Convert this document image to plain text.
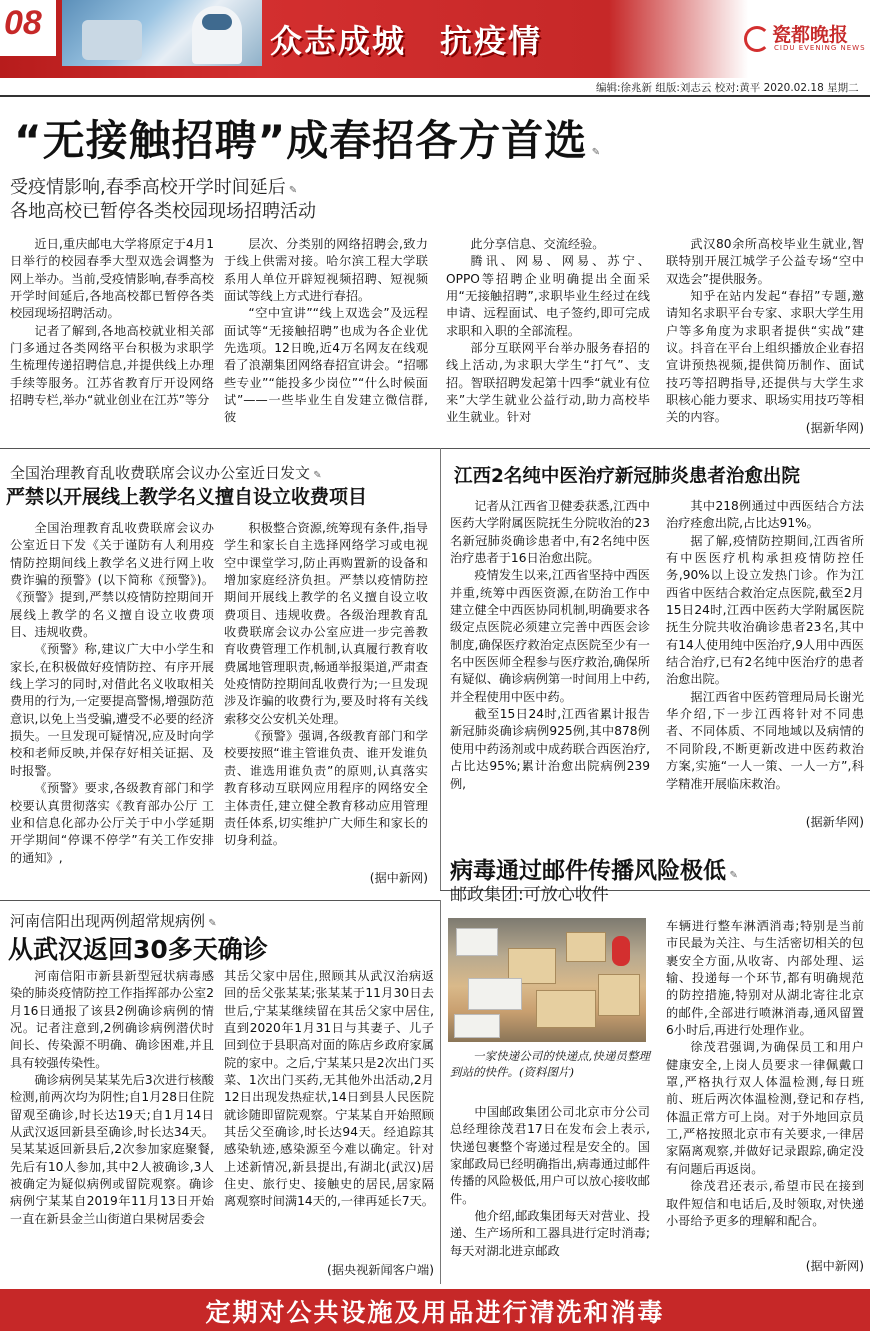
08	众志成城　抗疫情	瓷都晚报
CIDU EVENING NEWS
编辑:徐兆新 组版:刘志云 校对:黄平 2020.02.18 星期二
“无接触招聘”成春招各方首选 ✎
受疫情影响,春季高校开学时间延后 ✎
各地高校已暂停各类校园现场招聘活动

近日,重庆邮电大学将原定于4月1日举行的校园春季大型双选会调整为网上举办。当前,受疫情影响,春季高校开学时间延后,各地高校都已暂停各类校园现场招聘活动。

记者了解到,各地高校就业相关部门多通过各类网络平台积极为求职学生梳理传递招聘信息,并提供线上办理手续等服务。江苏省教育厅开设网络招聘专栏,举办“就业创业在江苏”等分

层次、分类别的网络招聘会,致力于线上供需对接。哈尔滨工程大学联系用人单位开辟短视频招聘、短视频面试等线上方式进行春招。

“空中宣讲”“线上双选会”及远程面试等“无接触招聘”也成为各企业优先选项。12日晚,近4万名网友在线观看了浪潮集团网络春招宣讲会。“招哪些专业”“能投多少岗位”“什么时候面试”——一些毕业生自发建立微信群,彼

此分享信息、交流经验。

腾讯、网易、网易、苏宁、OPPO等招聘企业明确提出全面采用“无接触招聘”,求职毕业生经过在线申请、远程面试、电子签约,即可完成求职和入职的全部流程。

部分互联网平台举办服务春招的线上活动,为求职大学生“打气”、支招。智联招聘发起第十四季“就业有位来”大学生就业公益行动,助力高校毕业生就业。针对

武汉80余所高校毕业生就业,智联特别开展江城学子公益专场“空中双选会”提供服务。

知乎在站内发起“春招”专题,邀请知名求职平台专家、求职大学生用户等多角度为求职者提供“实战”建议。抖音在平台上组织播放企业春招宣讲预热视频,提供简历制作、面试技巧等招聘指导,还提供与大学生求职核心能力要求、职场实用技巧等相关的内容。

(据新华网)
全国治理教育乱收费联席会议办公室近日发文 ✎
严禁以开展线上教学名义擅自设立收费项目

全国治理教育乱收费联席会议办公室近日下发《关于谨防有人利用疫情防控期间线上教学名义进行网上收费诈骗的预警》(以下简称《预警》)。《预警》提到,严禁以疫情防控期间开展线上教学的名义擅自设立收费项目、违规收费。

《预警》称,建议广大中小学生和家长,在积极做好疫情防控、有序开展线上学习的同时,对借此名义收取相关费用的行为,一定要提高警惕,增强防范意识,以免上当受骗,遭受不必要的经济损失。一旦发现可疑情况,应及时向学校和老师反映,并保存好相关证据、及时报警。

《预警》要求,各级教育部门和学校要认真贯彻落实《教育部办公厅 工业和信息化部办公厅关于中小学延期开学期间“停课不停学”有关工作安排的通知》,

积极整合资源,统筹现有条件,指导学生和家长自主选择网络学习或电视空中课堂学习,防止再购置新的设备和增加家庭经济负担。严禁以疫情防控期间开展线上教学的名义擅自设立收费项目、违规收费。各级治理教育乱收费联席会议办公室应进一步完善教育收费管理工作机制,认真履行教育收费属地管理职责,畅通举报渠道,严肃查处疫情防控期间乱收费行为;一旦发现涉及诈骗的收费行为,要及时将有关线索移交公安机关处理。

《预警》强调,各级教育部门和学校要按照“谁主管谁负责、谁开发谁负责、谁选用谁负责”的原则,认真落实教育移动互联网应用程序的网络安全主体责任,建立健全教育移动应用管理责任体系,切实维护广大师生和家长的切身利益。

(据中新网)
江西2名纯中医治疗新冠肺炎患者治愈出院

记者从江西省卫健委获悉,江西中医药大学附属医院抚生分院收治的23名新冠肺炎确诊患者中,有2名纯中医治疗患者于16日治愈出院。

疫情发生以来,江西省坚持中西医并重,统筹中西医资源,在防治工作中建立健全中西医协同机制,明确要求各级定点医院必须建立完善中西医会诊制度,确保医疗救治定点医院至少有一名中医医师全程参与医疗救治,确保所有疑似、确诊病例第一时间用上中药,并全程使用中医中药。

截至15日24时,江西省累计报告新冠肺炎确诊病例925例,其中878例使用中药汤剂或中成药联合西医治疗,占比达95%;累计治愈出院病例239例,

其中218例通过中西医结合方法治疗痊愈出院,占比达91%。

据了解,疫情防控期间,江西省所有中医医疗机构承担疫情防控任务,90%以上设立发热门诊。作为江西省中医结合救治定点医院,截至2月15日24时,江西中医药大学附属医院抚生分院共收治确诊患者23名,其中有14人使用纯中医治疗,9人用中西医结合治疗,已有2名纯中医治疗的患者治愈出院。

据江西省中医药管理局局长谢光华介绍,下一步江西将针对不同患者、不同体质、不同地域以及病情的不同阶段,不断更新改进中医药救治方案,实施“一人一策、一人一方”,科学精准开展临床救治。

(据新华网)
病毒通过邮件传播风险极低 ✎
邮政集团:可放心收件
一家快递公司的快递点,快递员整理到站的快件。(资料图片)

中国邮政集团公司北京市分公司总经理徐茂君17日在发布会上表示,快递包裹整个寄递过程是安全的。国家邮政局已经明确指出,病毒通过邮件传播的风险极低,用户可以放心接收邮件。

他介绍,邮政集团每天对营业、投递、生产场所和工器具进行定时消毒;每天对湖北进京邮政

车辆进行整车淋洒消毒;特别是当前市民最为关注、与生活密切相关的包裹安全方面,从收寄、内部处理、运输、投递每一个环节,都有明确规范的防控措施,特别对从湖北寄往北京的邮件,全部进行喷淋消毒,通风留置6小时后,再进行处理作业。

徐茂君强调,为确保员工和用户健康安全,上岗人员要求一律佩戴口罩,严格执行双人体温检测,每日班前、班后两次体温检测,登记和存档,体温正常方可上岗。对于外地回京员工,严格按照北京市有关要求,一律居家隔离观察,并做好记录跟踪,确定没有问题后再返岗。

徐茂君还表示,希望市民在接到取件短信和电话后,及时领取,对快递小哥给予更多的理解和配合。

(据中新网)
河南信阳出现两例超常规病例 ✎
从武汉返回30多天确诊

河南信阳市新县新型冠状病毒感染的肺炎疫情防控工作指挥部办公室2月16日通报了该县2例确诊病例的情况。记者注意到,2例确诊病例潜伏时间长、传染源不明确、确诊困难,并且具有较强传染性。

确诊病例吴某某先后3次进行核酸检测,前两次均为阴性;自1月28日住院留观至确诊,时长达19天;自1月14日从武汉返回新县至确诊,时长达34天。吴某某返回新县后,2次参加家庭聚餐,先后有10人参加,其中2人被确诊,3人被确定为疑似病例或留院观察。确诊病例宁某某自2019年11月13日开始一直在新县金兰山街道白果树居委会

其岳父家中居住,照顾其从武汉治病返回的岳父张某某;张某某于11月30日去世后,宁某某继续留在其岳父家中居住,直到2020年1月31日与其妻子、儿子回到位于县职高对面的陈店乡政府家属院的家中。之后,宁某某只是2次出门买菜、1次出门买药,无其他外出活动,2月12日出现发热症状,14日到县人民医院就诊随即留院观察。宁某某自开始照顾其岳父至确诊,时长达94天。经追踪其感染轨迹,感染源至今难以确定。针对上述新情况,新县提出,有湖北(武汉)居住史、旅行史、接触史的居民,居家隔离观察时间满14天的,一律再延长7天。

(据央视新闻客户端)
定期对公共设施及用品进行清洗和消毒
